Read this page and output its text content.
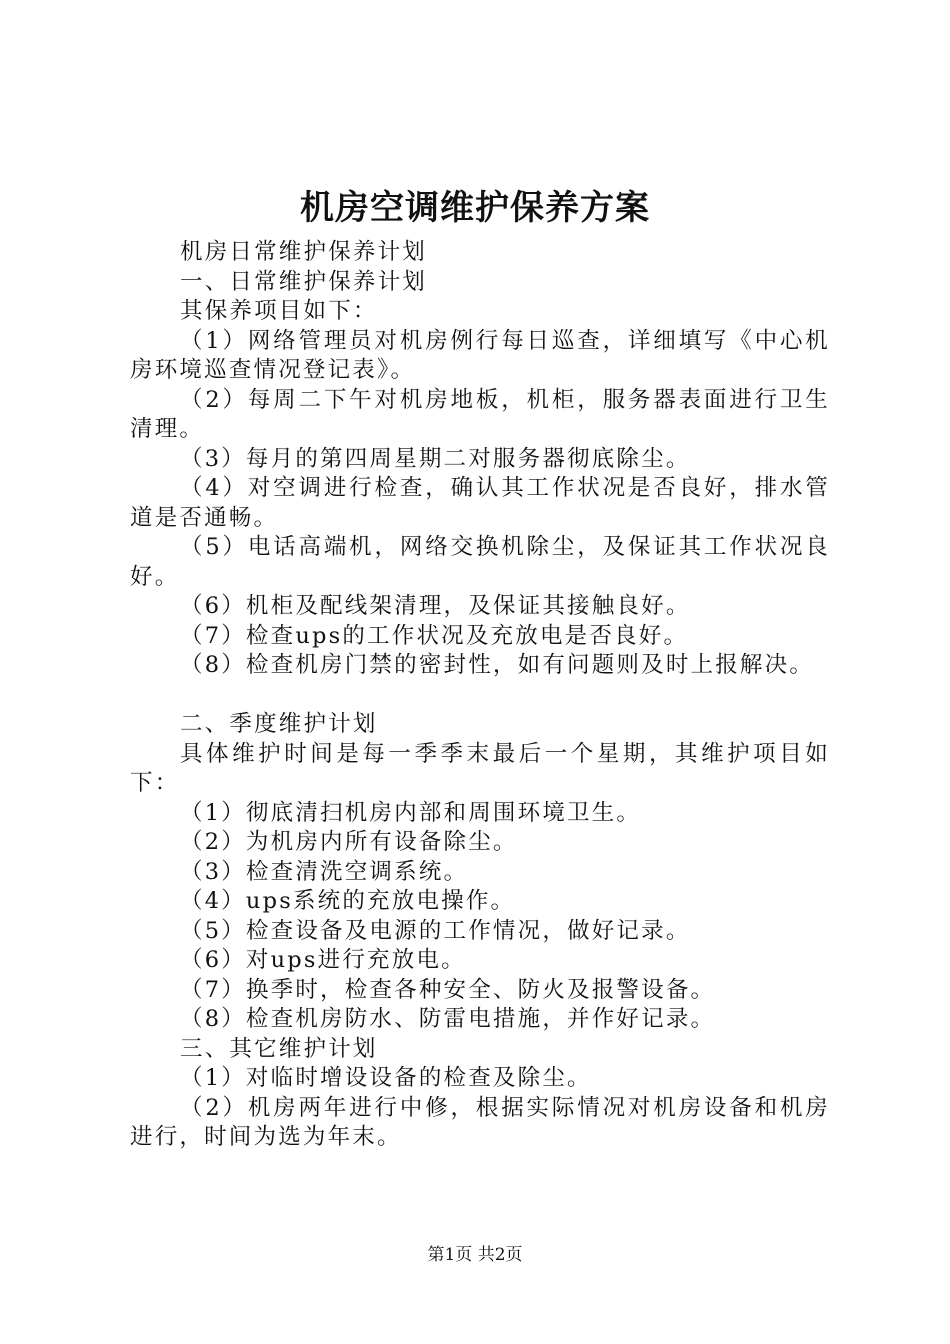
机房空调维护保养方案

机房日常维护保养计划

一、日常维护保养计划

其保养项目如下：

（1）网络管理员对机房例行每日巡查，详细填写《中心机房环境巡查情况登记表》。

（2）每周二下午对机房地板，机柜，服务器表面进行卫生清理。

（3）每月的第四周星期二对服务器彻底除尘。

（4）对空调进行检查，确认其工作状况是否良好，排水管道是否通畅。

（5）电话高端机，网络交换机除尘，及保证其工作状况良好。

（6）机柜及配线架清理，及保证其接触良好。

（7）检查ups的工作状况及充放电是否良好。

（8）检查机房门禁的密封性，如有问题则及时上报解决。

二、季度维护计划

具体维护时间是每一季季末最后一个星期，其维护项目如下：

（1）彻底清扫机房内部和周围环境卫生。

（2）为机房内所有设备除尘。

（3）检查清洗空调系统。

（4）ups系统的充放电操作。

（5）检查设备及电源的工作情况，做好记录。

（6）对ups进行充放电。

（7）换季时，检查各种安全、防火及报警设备。

（8）检查机房防水、防雷电措施，并作好记录。

三、其它维护计划

（1）对临时增设设备的检查及除尘。

（2）机房两年进行中修，根据实际情况对机房设备和机房进行，时间为选为年末。

第1页 共2页
